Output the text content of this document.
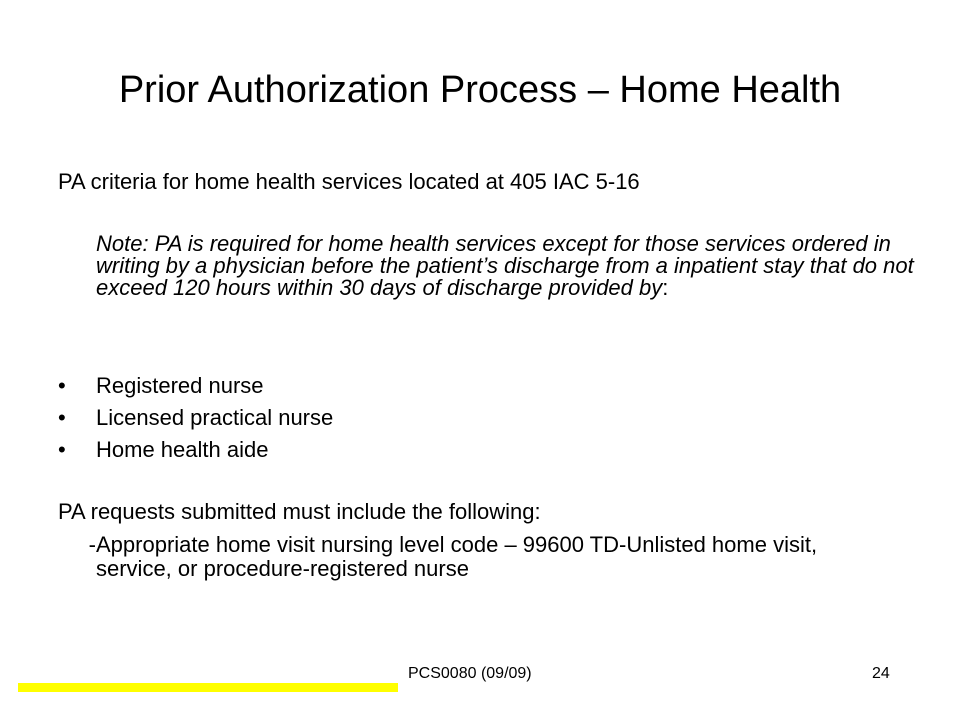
Prior Authorization Process – Home Health
PA criteria for home health services located at 405 IAC 5-16
Note: PA is required for home health services except for those services ordered in writing by a physician before the patient’s discharge from a inpatient stay that do not exceed 120 hours within 30 days of discharge provided by:
•	Registered nurse
•	Licensed practical nurse
•	Home health aide
PA requests submitted must include the following:
- Appropriate home visit nursing level code – 99600 TD-Unlisted home visit, service, or procedure-registered nurse
PCS0080 (09/09)	24
